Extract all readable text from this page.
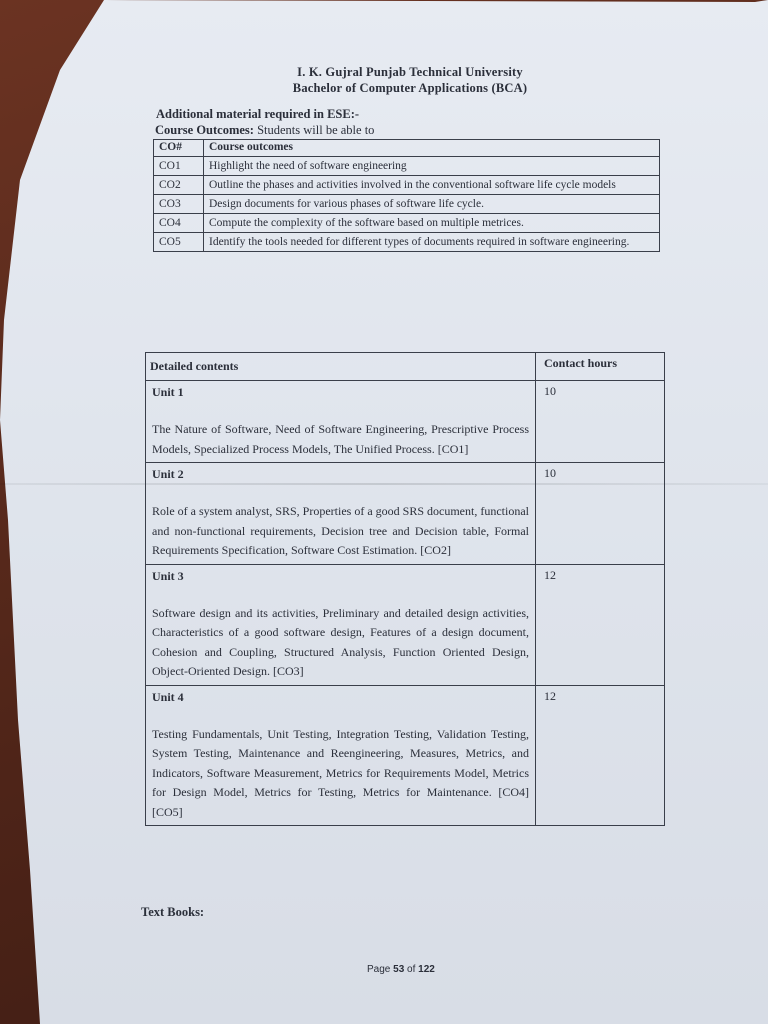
I. K. Gujral Punjab Technical University
Bachelor of Computer Applications (BCA)
Additional material required in ESE:-
Course Outcomes: Students will be able to
CO#	Course outcomes
CO1	Highlight the need of software engineering
CO2	Outline the phases and activities involved in the conventional software life cycle models
CO3	Design documents for various phases of software life cycle.
CO4	Compute the complexity of the software based on multiple metrices.
CO5	Identify the tools needed for different types of documents required in software engineering.
Detailed contents	Contact hours

Unit 1
The Nature of Software, Need of Software Engineering, Prescriptive Process Models, Specialized Process Models, The Unified Process. [CO1]	10

Unit 2
Role of a system analyst, SRS, Properties of a good SRS document, functional and non-functional requirements, Decision tree and Decision table, Formal Requirements Specification, Software Cost Estimation. [CO2]	10

Unit 3
Software design and its activities, Preliminary and detailed design activities, Characteristics of a good software design, Features of a design document, Cohesion and Coupling, Structured Analysis, Function Oriented Design, Object-Oriented Design. [CO3]	12

Unit 4
Testing Fundamentals, Unit Testing, Integration Testing, Validation Testing, System Testing, Maintenance and Reengineering, Measures, Metrics, and Indicators, Software Measurement, Metrics for Requirements Model, Metrics for Design Model, Metrics for Testing, Metrics for Maintenance. [CO4] [CO5]	12
Text Books:
Page 53 of 122
